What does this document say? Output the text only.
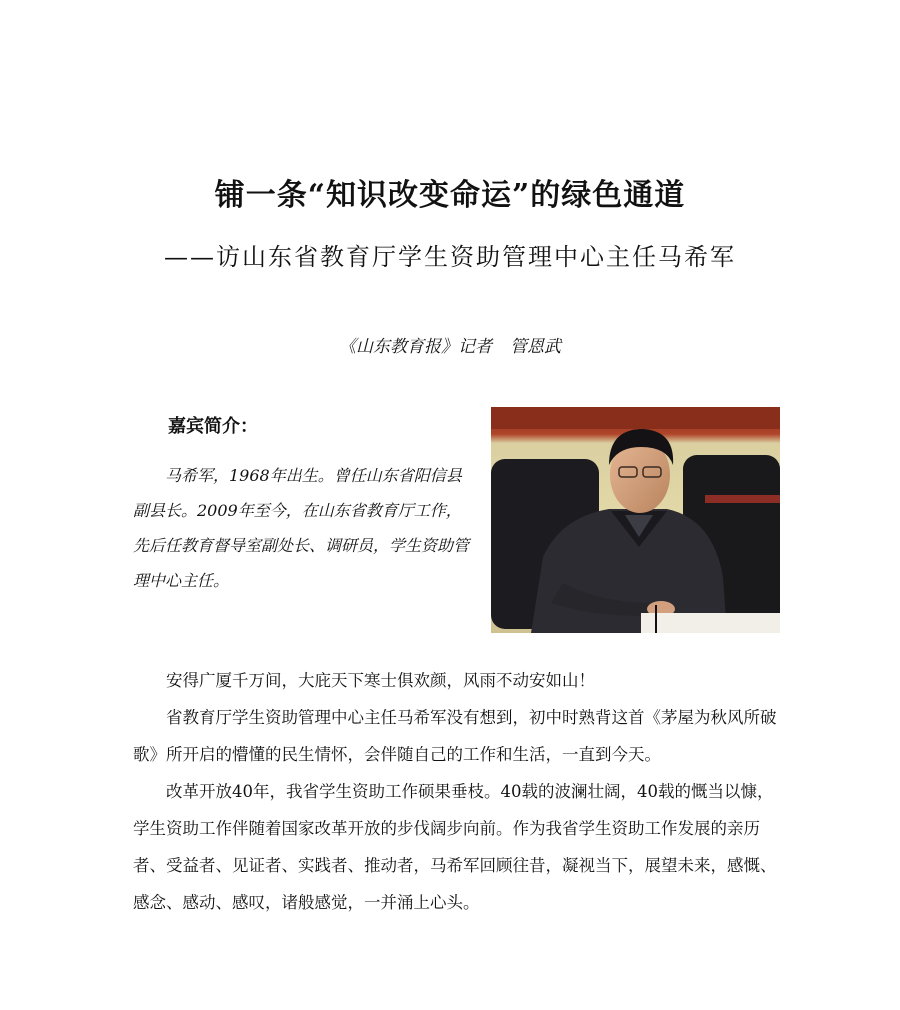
铺一条“知识改变命运”的绿色通道
——访山东省教育厅学生资助管理中心主任马希军
《山东教育报》记者 管恩武
嘉宾简介：

马希军，1968年出生。曾任山东省阳信县副县长。2009年至今，在山东省教育厅工作，先后任教育督导室副处长、调研员，学生资助管理中心主任。

安得广厦千万间，大庇天下寒士俱欢颜，风雨不动安如山！

省教育厅学生资助管理中心主任马希军没有想到，初中时熟背这首《茅屋为秋风所破歌》所开启的懵懂的民生情怀，会伴随自己的工作和生活，一直到今天。

改革开放40年，我省学生资助工作硕果垂枝。40载的波澜壮阔，40载的慨当以慷，学生资助工作伴随着国家改革开放的步伐阔步向前。作为我省学生资助工作发展的亲历者、受益者、见证者、实践者、推动者，马希军回顾往昔，凝视当下，展望未来，感慨、感念、感动、感叹，诸般感觉，一并涌上心头。
